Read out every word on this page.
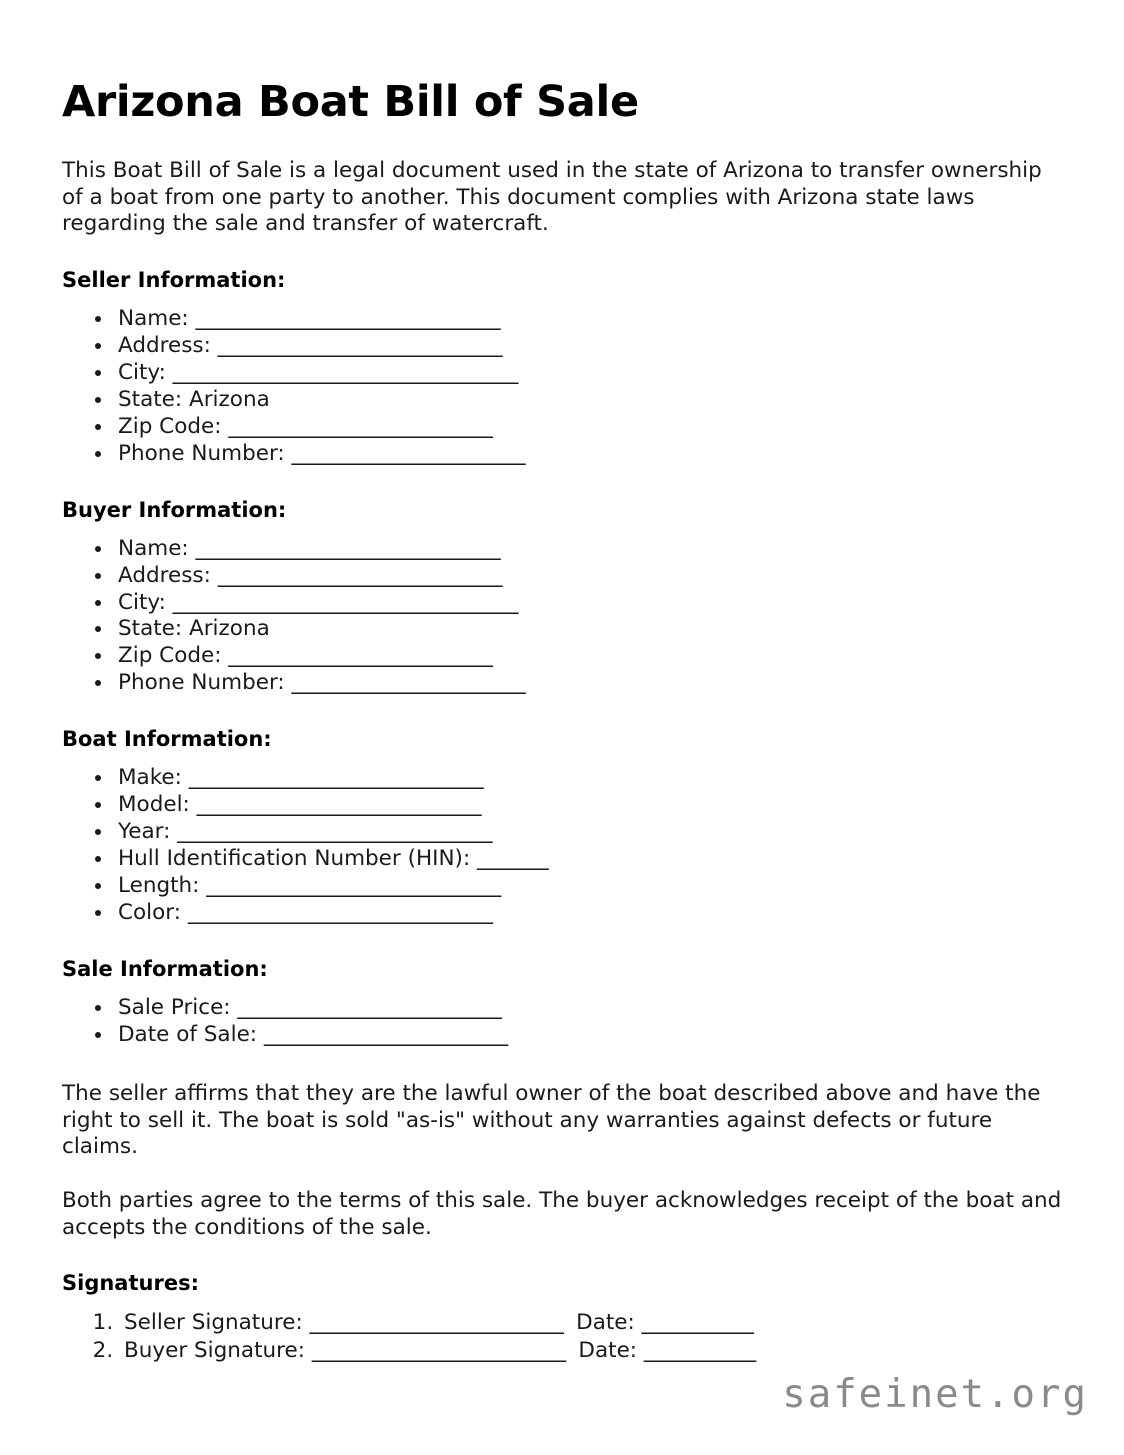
Arizona Boat Bill of Sale

This Boat Bill of Sale is a legal document used in the state of Arizona to transfer ownership of a boat from one party to another. This document complies with Arizona state laws regarding the sale and transfer of watercraft.

Seller Information:
• Name: ______________________________
• Address: ____________________________
• City: __________________________________
• State: Arizona
• Zip Code: __________________________
• Phone Number: _______________________
Buyer Information:
• Name: ______________________________
• Address: ____________________________
• City: __________________________________
• State: Arizona
• Zip Code: __________________________
• Phone Number: _______________________
Boat Information:
• Make: _____________________________
• Model: ____________________________
• Year: _______________________________
• Hull Identification Number (HIN): _______
• Length: _____________________________
• Color: ______________________________
Sale Information:
• Sale Price: __________________________
• Date of Sale: ________________________

The seller affirms that they are the lawful owner of the boat described above and have the right to sell it. The boat is sold "as-is" without any warranties against defects or future claims.

Both parties agree to the terms of this sale. The buyer acknowledges receipt of the boat and accepts the conditions of the sale.

Signatures:
1. Seller Signature: _________________________ Date: ___________
2. Buyer Signature: _________________________ Date: ___________
safeinet.org
